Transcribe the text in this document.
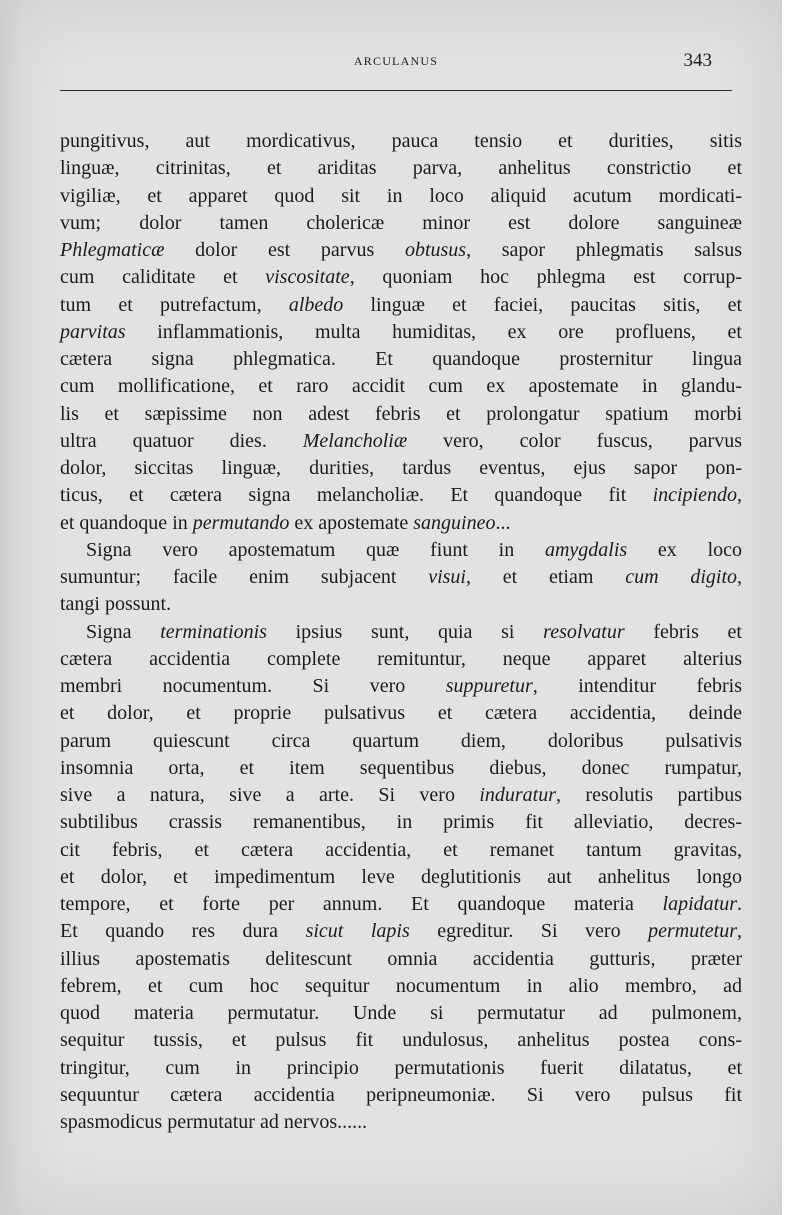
ARCULANUS	343
pungitivus, aut mordicativus, pauca tensio et durities, sitis
linguæ, citrinitas, et ariditas parva, anhelitus constrictio et
vigiliæ, et apparet quod sit in loco aliquid acutum mordicati-
vum; dolor tamen cholericæ minor est dolore sanguineæ
Phlegmaticæ dolor est parvus obtusus, sapor phlegmatis salsus
cum caliditate et viscositate, quoniam hoc phlegma est corrup-
tum et putrefactum, albedo linguæ et faciei, paucitas sitis, et
parvitas inflammationis, multa humiditas, ex ore profluens, et
cætera signa phlegmatica. Et quandoque prosternitur lingua
cum mollificatione, et raro accidit cum ex apostemate in glandu-
lis et sæpissime non adest febris et prolongatur spatium morbi
ultra quatuor dies. Melancholiæ vero, color fuscus, parvus
dolor, siccitas linguæ, durities, tardus eventus, ejus sapor pon-
ticus, et cætera signa melancholiæ. Et quandoque fit incipiendo,
et quandoque in permutando ex apostemate sanguineo...
Signa vero apostematum quæ fiunt in amygdalis ex loco
sumuntur; facile enim subjacent visui, et etiam cum digito,
tangi possunt.
Signa terminationis ipsius sunt, quia si resolvatur febris et
cætera accidentia complete remituntur, neque apparet alterius
membri nocumentum. Si vero suppuretur, intenditur febris
et dolor, et proprie pulsativus et cætera accidentia, deinde
parum quiescunt circa quartum diem, doloribus pulsativis
insomnia orta, et item sequentibus diebus, donec rumpatur,
sive a natura, sive a arte. Si vero induratur, resolutis partibus
subtilibus crassis remanentibus, in primis fit alleviatio, decres-
cit febris, et cætera accidentia, et remanet tantum gravitas,
et dolor, et impedimentum leve deglutitionis aut anhelitus longo
tempore, et forte per annum. Et quandoque materia lapidatur.
Et quando res dura sicut lapis egreditur. Si vero permutetur,
illius apostematis delitescunt omnia accidentia gutturis, præter
febrem, et cum hoc sequitur nocumentum in alio membro, ad
quod materia permutatur. Unde si permutatur ad pulmonem,
sequitur tussis, et pulsus fit undulosus, anhelitus postea cons-
tringitur, cum in principio permutationis fuerit dilatatus, et
sequuntur cætera accidentia peripneumoniæ. Si vero pulsus fit
spasmodicus permutatur ad nervos......
